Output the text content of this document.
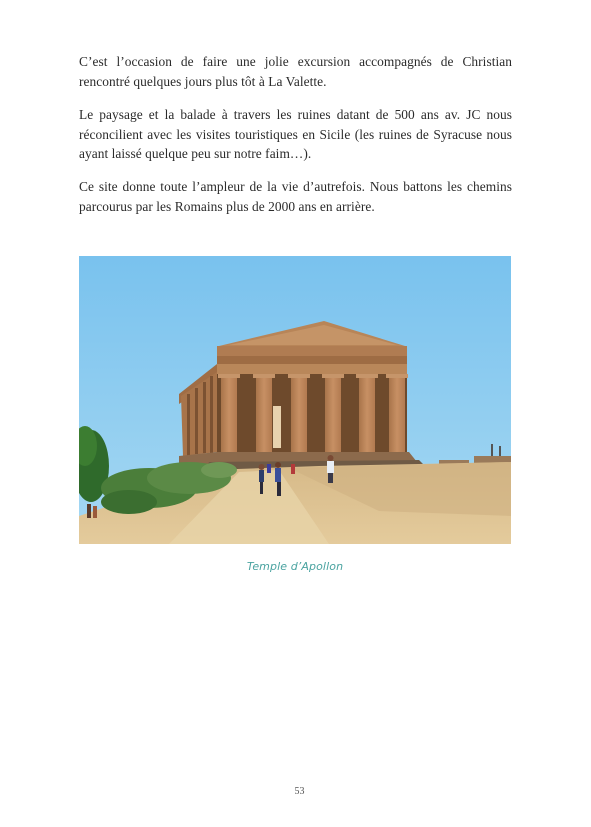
C’est l’occasion de faire une jolie excursion accompagnés de Christian rencontré quelques jours plus tôt à La Valette.

Le paysage et la balade à travers les ruines datant de 500 ans av. JC nous réconcilient avec les visites touristiques en Sicile (les ruines de Syracuse nous ayant laissé quelque peu sur notre faim…).

Ce site donne toute l’ampleur de la vie d’autrefois. Nous battons les chemins parcourus par les Romains plus de 2000 ans en arrière.

Temple d’Apollon
53
